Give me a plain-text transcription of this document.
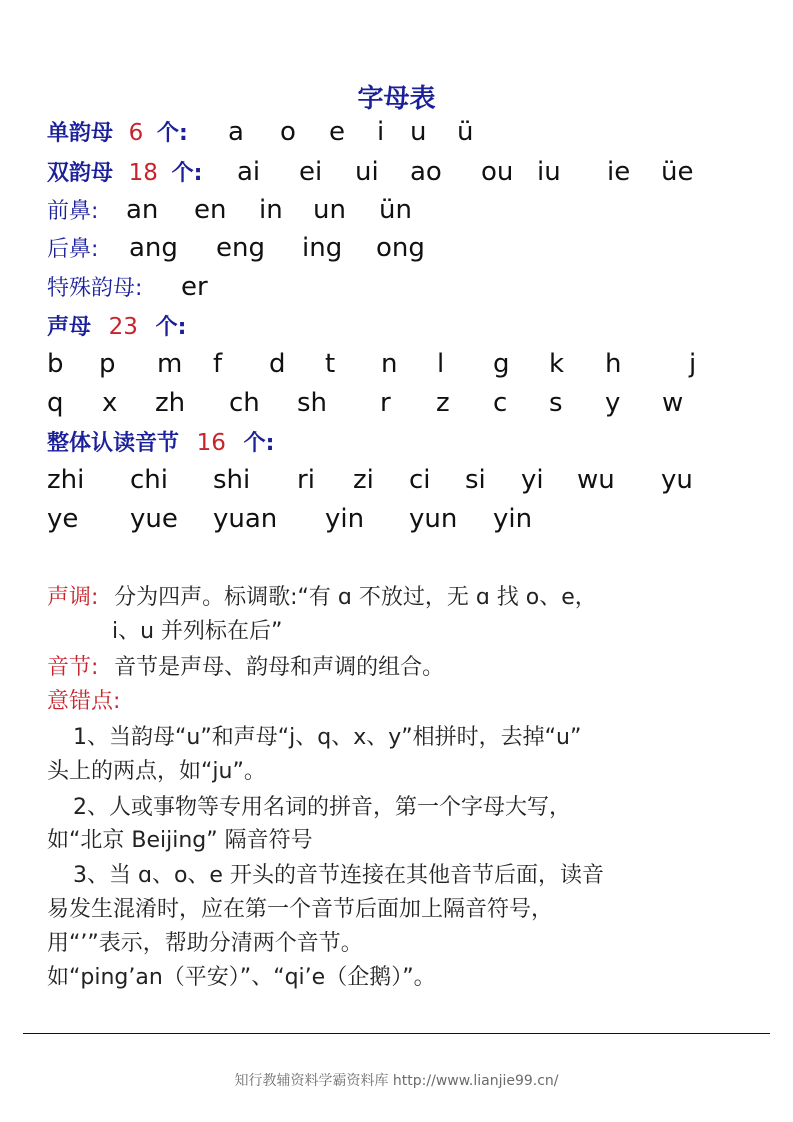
字母表
单韵母 6 个: a o e i u ü
双韵母 18 个: ai ei ui ao ou iu ie üe
前鼻: an en in un ün
后鼻: ang eng ing ong
特殊韵母: er
声母 23 个:
b p m f d t n l g k h	j
q x zh ch sh r z c s y w
整体认读音节 16 个:
zhi chi shi ri zi ci si yi wu yu
ye yue yuan yin yun yin
声调: 分为四声。标调歌:“有 ɑ 不放过，无 ɑ 找 o、e，
i、u 并列标在后”
音节: 音节是声母、韵母和声调的组合。
意错点:
1、当韵母“u”和声母“j、q、x、y”相拼时，去掉“u”
头上的两点，如“ju”。
2、人或事物等专用名词的拼音，第一个字母大写，
如“北京 Beijing” 隔音符号
3、当 ɑ、o、e 开头的音节连接在其他音节后面，读音
易发生混淆时，应在第一个音节后面加上隔音符号，
用“’”表示，帮助分清两个音节。
如“ping’an（平安）”、“qi’e（企鹅）”。
知行教辅资料学霸资料库 http://www.lianjie99.cn/
